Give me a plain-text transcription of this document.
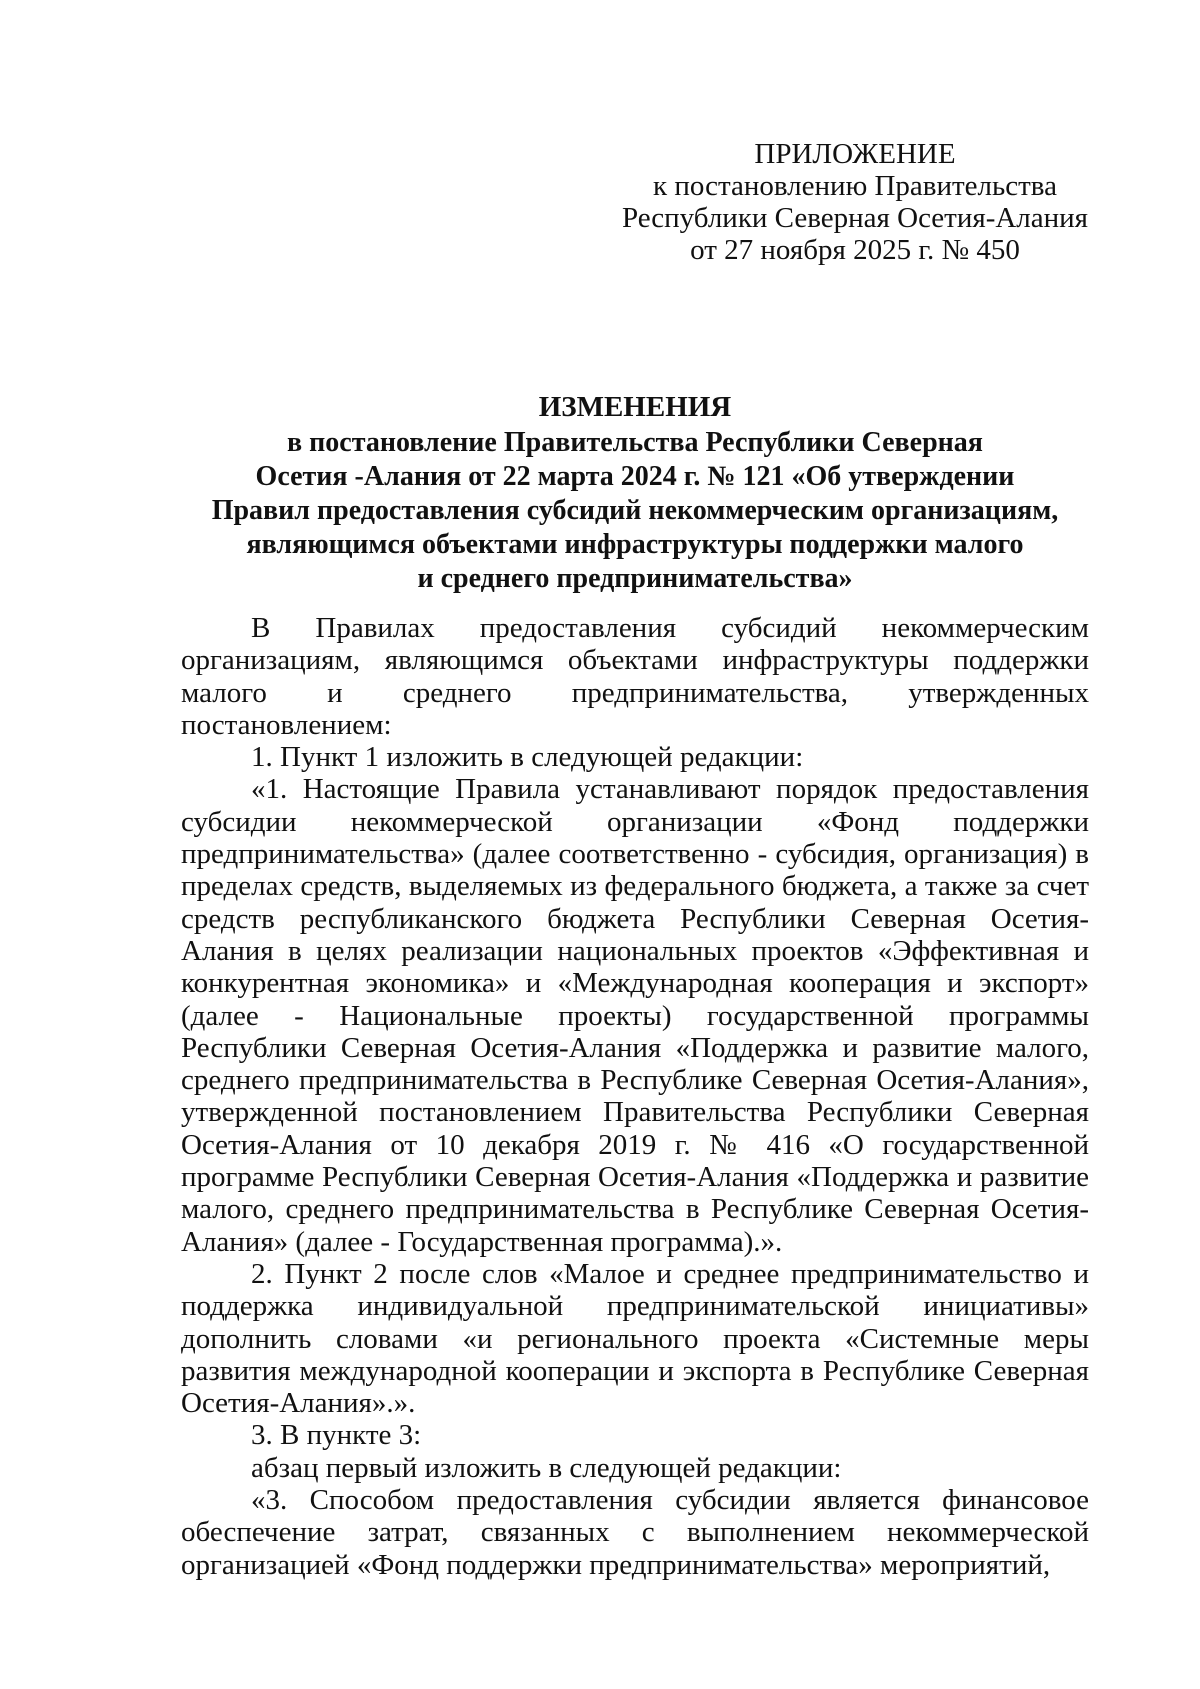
ПРИЛОЖЕНИЕ
к постановлению Правительства
Республики Северная Осетия-Алания
от 27 ноября 2025 г. № 450
ИЗМЕНЕНИЯ
в постановление Правительства Республики Северная
Осетия -Алания от 22 марта 2024 г. № 121 «Об утверждении
Правил предоставления субсидий некоммерческим организациям,
являющимся объектами инфраструктуры поддержки малого
и среднего предпринимательства»

В Правилах предоставления субсидий некоммерческим организациям, являющимся объектами инфраструктуры поддержки малого и среднего предпринимательства, утвержденных постановлением:

1. Пункт 1 изложить в следующей редакции:

«1. Настоящие Правила устанавливают порядок предоставления субсидии некоммерческой организации «Фонд поддержки предпринимательства» (далее соответственно - субсидия, организация) в пределах средств, выделяемых из федерального бюджета, а также за счет средств республиканского бюджета Республики Северная Осетия-Алания в целях реализации национальных проектов «Эффективная и конкурентная экономика» и «Международная кооперация и экспорт» (далее - Национальные проекты) государственной программы Республики Северная Осетия-Алания «Поддержка и развитие малого, среднего предпринимательства в Республике Северная Осетия-Алания», утвержденной постановлением Правительства Республики Северная Осетия-Алания от 10 декабря 2019 г. № 416 «О государственной программе Республики Северная Осетия-Алания «Поддержка и развитие малого, среднего предпринимательства в Республике Северная Осетия-Алания» (далее - Государственная программа).».

2. Пункт 2 после слов «Малое и среднее предпринимательство и поддержка индивидуальной предпринимательской инициативы» дополнить словами «и регионального проекта «Системные меры развития международной кооперации и экспорта в Республике Северная Осетия-Алания».».

3. В пункте 3:

абзац первый изложить в следующей редакции:

«3. Способом предоставления субсидии является финансовое обеспечение затрат, связанных с выполнением некоммерческой организацией «Фонд поддержки предпринимательства» мероприятий,
